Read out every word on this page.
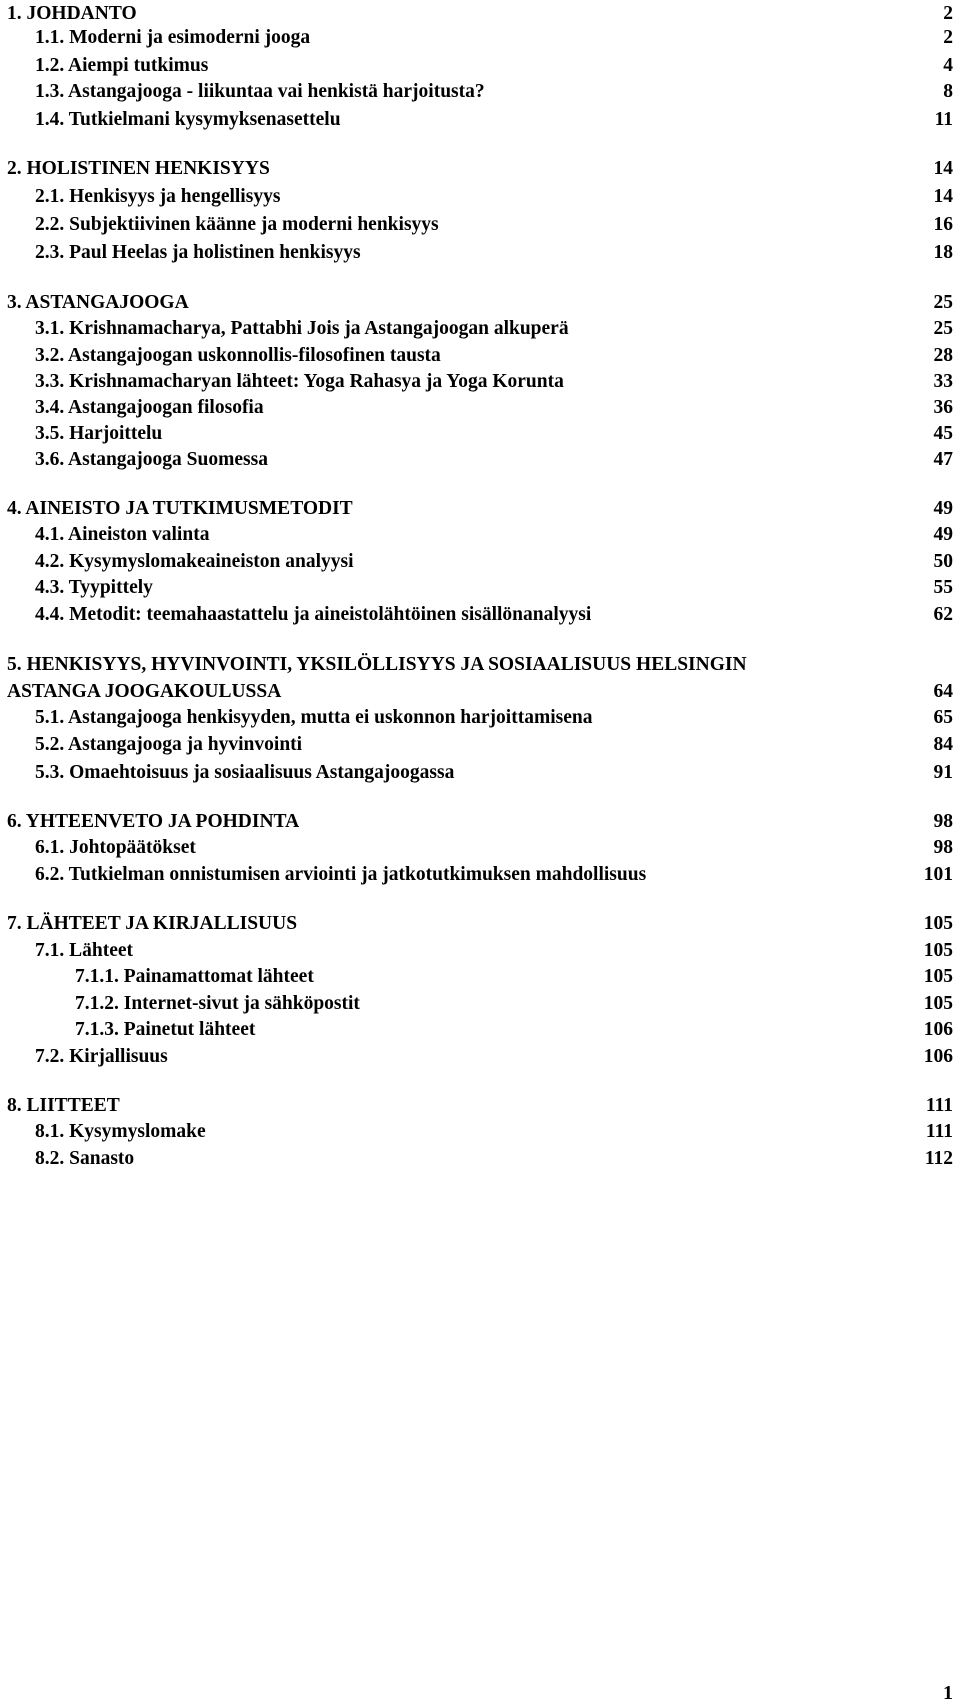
1. JOHDANTO	2
1.1. Moderni ja esimoderni jooga	2
1.2. Aiempi tutkimus	4
1.3. Astangajooga - liikuntaa vai henkistä harjoitusta?	8
1.4. Tutkielmani kysymyksenasettelu	11
2. HOLISTINEN HENKISYYS	14
2.1. Henkisyys ja hengellisyys	14
2.2. Subjektiivinen käänne ja moderni henkisyys	16
2.3. Paul Heelas ja holistinen henkisyys	18
3. ASTANGAJOOGA	25
3.1. Krishnamacharya, Pattabhi Jois ja Astangajoogan alkuperä	25
3.2. Astangajoogan uskonnollis-filosofinen tausta	28
3.3. Krishnamacharyan lähteet: Yoga Rahasya ja Yoga Korunta	33
3.4. Astangajoogan filosofia	36
3.5. Harjoittelu	45
3.6. Astangajooga Suomessa	47
4. AINEISTO JA TUTKIMUSMETODIT	49
4.1. Aineiston valinta	49
4.2. Kysymyslomakeaineiston analyysi	50
4.3. Tyypittely	55
4.4. Metodit: teemahaastattelu ja aineistolähtöinen sisällönanalyysi	62
5. HENKISYYS, HYVINVOINTI, YKSILÖLLISYYS JA SOSIAALISUUS HELSINGIN
ASTANGA JOOGAKOULUSSA	64
5.1. Astangajooga henkisyyden, mutta ei uskonnon harjoittamisena	65
5.2. Astangajooga ja hyvinvointi	84
5.3. Omaehtoisuus ja sosiaalisuus Astangajoogassa	91
6. YHTEENVETO JA POHDINTA	98
6.1. Johtopäätökset	98
6.2. Tutkielman onnistumisen arviointi ja jatkotutkimuksen mahdollisuus	101
7. LÄHTEET JA KIRJALLISUUS	105
7.1. Lähteet	105
7.1.1. Painamattomat lähteet	105
7.1.2. Internet-sivut ja sähköpostit	105
7.1.3. Painetut lähteet	106
7.2. Kirjallisuus	106
8. LIITTEET	111
8.1. Kysymyslomake	111
8.2. Sanasto	112
1
